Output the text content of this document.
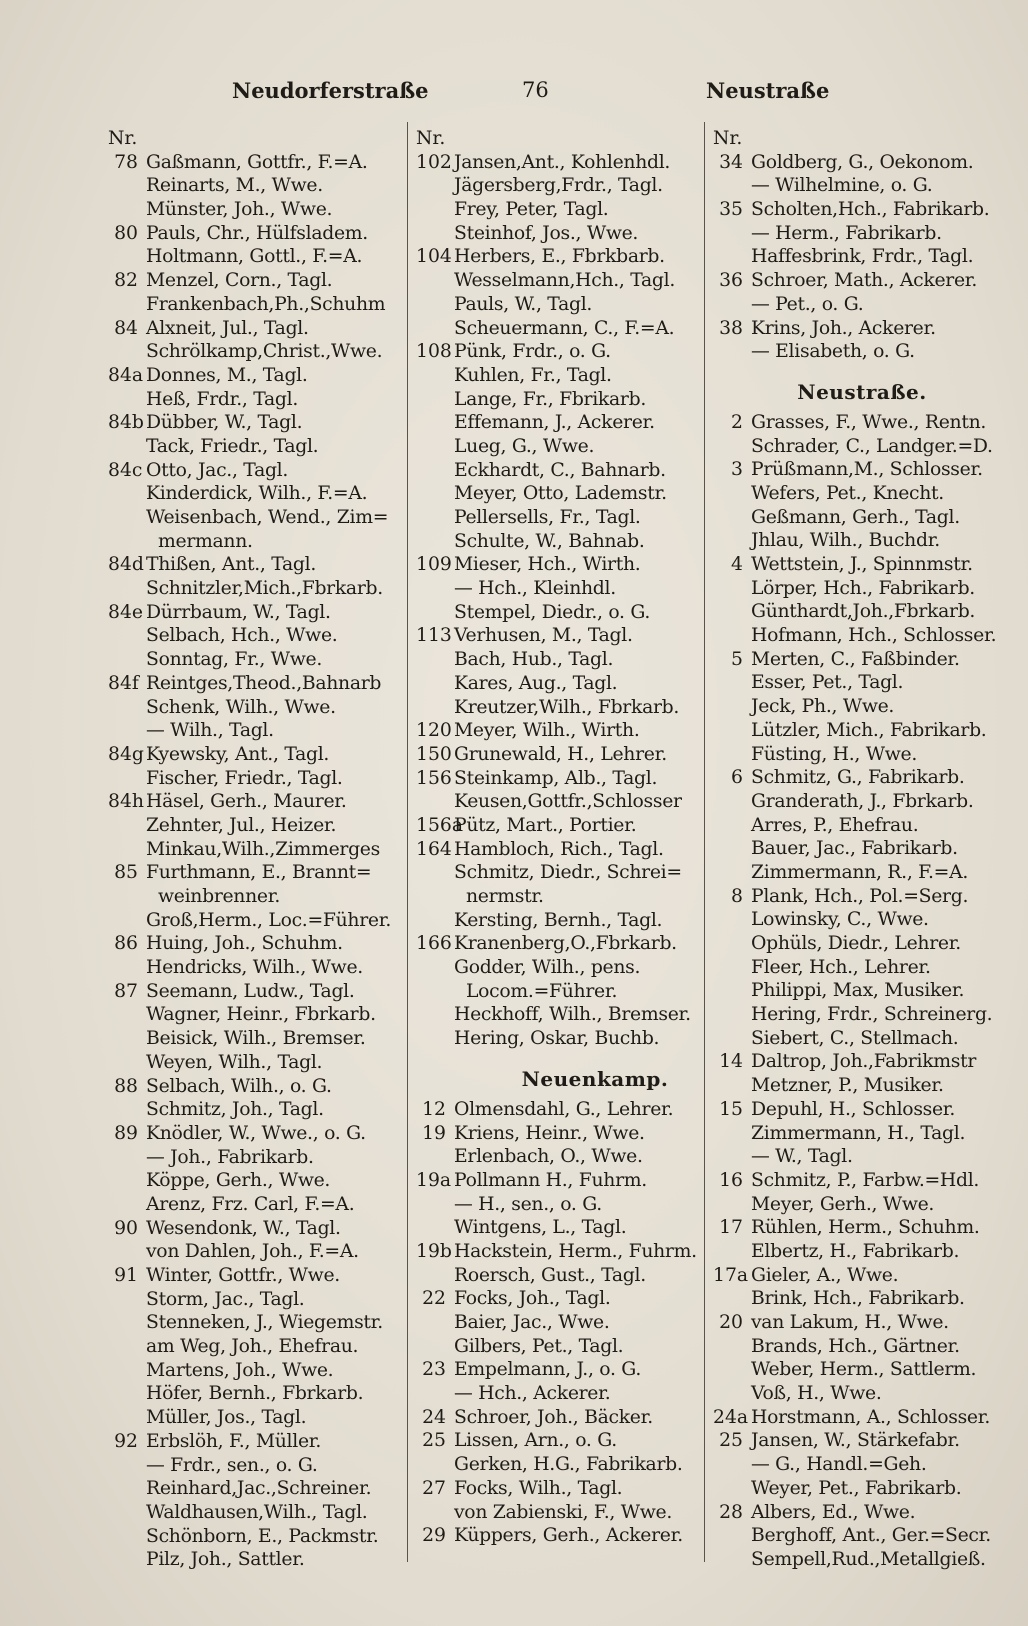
Neudorferstraße	76	Neustraße
Nr.
78 Gaßmann, Gottfr., F.=A.
Reinarts, M., Wwe.
Münster, Joh., Wwe.
80 Pauls, Chr., Hülfsladem.
Holtmann, Gottl., F.=A.
82 Menzel, Corn., Tagl.
Frankenbach,Ph.,Schuhm
84 Alxneit, Jul., Tagl.
Schrölkamp,Christ.,Wwe.
84a Donnes, M., Tagl.
Heß, Frdr., Tagl.
84b Dübber, W., Tagl.
Tack, Friedr., Tagl.
84c Otto, Jac., Tagl.
Kinderdick, Wilh., F.=A.
Weisenbach, Wend., Zim=
mermann.
84d Thißen, Ant., Tagl.
Schnitzler,Mich.,Fbrkarb.
84e Dürrbaum, W., Tagl.
Selbach, Hch., Wwe.
Sonntag, Fr., Wwe.
84f Reintges,Theod.,Bahnarb
Schenk, Wilh., Wwe.
— Wilh., Tagl.
84g Kyewsky, Ant., Tagl.
Fischer, Friedr., Tagl.
84h Häsel, Gerh., Maurer.
Zehnter, Jul., Heizer.
Minkau,Wilh.,Zimmerges
85 Furthmann, E., Brannt=
weinbrenner.
Groß,Herm., Loc.=Führer.
86 Huing, Joh., Schuhm.
Hendricks, Wilh., Wwe.
87 Seemann, Ludw., Tagl.
Wagner, Heinr., Fbrkarb.
Beisick, Wilh., Bremser.
Weyen, Wilh., Tagl.
88 Selbach, Wilh., o. G.
Schmitz, Joh., Tagl.
89 Knödler, W., Wwe., o. G.
— Joh., Fabrikarb.
Köppe, Gerh., Wwe.
Arenz, Frz. Carl, F.=A.
90 Wesendonk, W., Tagl.
von Dahlen, Joh., F.=A.
91 Winter, Gottfr., Wwe.
Storm, Jac., Tagl.
Stenneken, J., Wiegemstr.
am Weg, Joh., Ehefrau.
Martens, Joh., Wwe.
Höfer, Bernh., Fbrkarb.
Müller, Jos., Tagl.
92 Erbslöh, F., Müller.
— Frdr., sen., o. G.
Reinhard,Jac.,Schreiner.
Waldhausen,Wilh., Tagl.
Schönborn, E., Packmstr.
Pilz, Joh., Sattler.
Nr.
102 Jansen,Ant., Kohlenhdl.
Jägersberg,Frdr., Tagl.
Frey, Peter, Tagl.
Steinhof, Jos., Wwe.
104 Herbers, E., Fbrkbarb.
Wesselmann,Hch., Tagl.
Pauls, W., Tagl.
Scheuermann, C., F.=A.
108 Pünk, Frdr., o. G.
Kuhlen, Fr., Tagl.
Lange, Fr., Fbrikarb.
Effemann, J., Ackerer.
Lueg, G., Wwe.
Eckhardt, C., Bahnarb.
Meyer, Otto, Lademstr.
Pellersells, Fr., Tagl.
Schulte, W., Bahnab.
109 Mieser, Hch., Wirth.
— Hch., Kleinhdl.
Stempel, Diedr., o. G.
113 Verhusen, M., Tagl.
Bach, Hub., Tagl.
Kares, Aug., Tagl.
Kreutzer,Wilh., Fbrkarb.
120 Meyer, Wilh., Wirth.
150 Grunewald, H., Lehrer.
156 Steinkamp, Alb., Tagl.
Keusen,Gottfr.,Schlosser
156a
Pütz, Mart., Portier.
164 Hambloch, Rich., Tagl.
Schmitz, Diedr., Schrei=
nermstr.
Kersting, Bernh., Tagl.
166 Kranenberg,O.,Fbrkarb.
Godder, Wilh., pens.
Locom.=Führer.
Heckhoff, Wilh., Bremser.
Hering, Oskar, Buchb.
Neuenkamp.
12 Olmensdahl, G., Lehrer.
19 Kriens, Heinr., Wwe.
Erlenbach, O., Wwe.
19a Pollmann H., Fuhrm.
— H., sen., o. G.
Wintgens, L., Tagl.
19b Hackstein, Herm., Fuhrm.
Roersch, Gust., Tagl.
22 Focks, Joh., Tagl.
Baier, Jac., Wwe.
Gilbers, Pet., Tagl.
23 Empelmann, J., o. G.
— Hch., Ackerer.
24 Schroer, Joh., Bäcker.
25 Lissen, Arn., o. G.
Gerken, H.G., Fabrikarb.
27 Focks, Wilh., Tagl.
von Zabienski, F., Wwe.
29 Küppers, Gerh., Ackerer.
Nr.
34 Goldberg, G., Oekonom.
— Wilhelmine, o. G.
35 Scholten,Hch., Fabrikarb.
— Herm., Fabrikarb.
Haffesbrink, Frdr., Tagl.
36 Schroer, Math., Ackerer.
— Pet., o. G.
38 Krins, Joh., Ackerer.
— Elisabeth, o. G.
Neustraße.
2 Grasses, F., Wwe., Rentn.
Schrader, C., Landger.=D.
3 Prüßmann,M., Schlosser.
Wefers, Pet., Knecht.
Geßmann, Gerh., Tagl.
Jhlau, Wilh., Buchdr.
4 Wettstein, J., Spinnmstr.
Lörper, Hch., Fabrikarb.
Günthardt,Joh.,Fbrkarb.
Hofmann, Hch., Schlosser.
5 Merten, C., Faßbinder.
Esser, Pet., Tagl.
Jeck, Ph., Wwe.
Lützler, Mich., Fabrikarb.
Füsting, H., Wwe.
6 Schmitz, G., Fabrikarb.
Granderath, J., Fbrkarb.
Arres, P., Ehefrau.
Bauer, Jac., Fabrikarb.
Zimmermann, R., F.=A.
8 Plank, Hch., Pol.=Serg.
Lowinsky, C., Wwe.
Ophüls, Diedr., Lehrer.
Fleer, Hch., Lehrer.
Philippi, Max, Musiker.
Hering, Frdr., Schreinerg.
Siebert, C., Stellmach.
14 Daltrop, Joh.,Fabrikmstr
Metzner, P., Musiker.
15 Depuhl, H., Schlosser.
Zimmermann, H., Tagl.
— W., Tagl.
16 Schmitz, P., Farbw.=Hdl.
Meyer, Gerh., Wwe.
17 Rühlen, Herm., Schuhm.
Elbertz, H., Fabrikarb.
17a Gieler, A., Wwe.
Brink, Hch., Fabrikarb.
20 van Lakum, H., Wwe.
Brands, Hch., Gärtner.
Weber, Herm., Sattlerm.
Voß, H., Wwe.
24a Horstmann, A., Schlosser.
25 Jansen, W., Stärkefabr.
— G., Handl.=Geh.
Weyer, Pet., Fabrikarb.
28 Albers, Ed., Wwe.
Berghoff, Ant., Ger.=Secr.
Sempell,Rud.,Metallgieß.
